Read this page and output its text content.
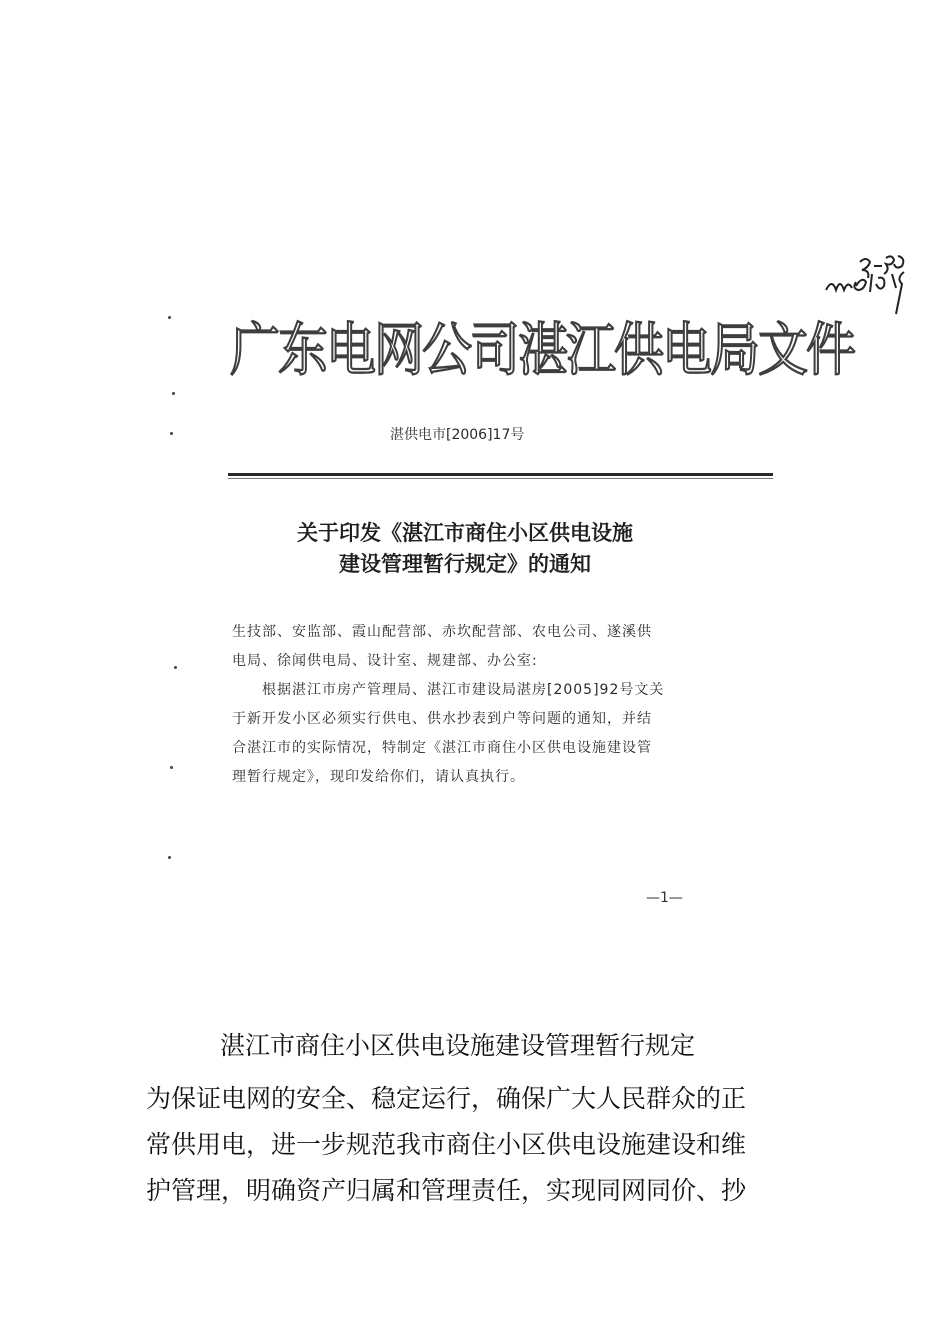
广东电网公司湛江供电局文件
湛供电市[2006]17号
关于印发《湛江市商住小区供电设施
建设管理暂行规定》的通知

生技部、安监部、霞山配营部、赤坎配营部、农电公司、遂溪供

电局、徐闻供电局、设计室、规建部、办公室:

根据湛江市房产管理局、湛江市建设局湛房[2005]92号文关

于新开发小区必须实行供电、供水抄表到户等问题的通知，并结

合湛江市的实际情况，特制定《湛江市商住小区供电设施建设管

理暂行规定》，现印发给你们，请认真执行。

—1—
湛江市商住小区供电设施建设管理暂行规定

为保证电网的安全、稳定运行，确保广大人民群众的正

常供用电，进一步规范我市商住小区供电设施建设和维

护管理，明确资产归属和管理责任，实现同网同价、抄
